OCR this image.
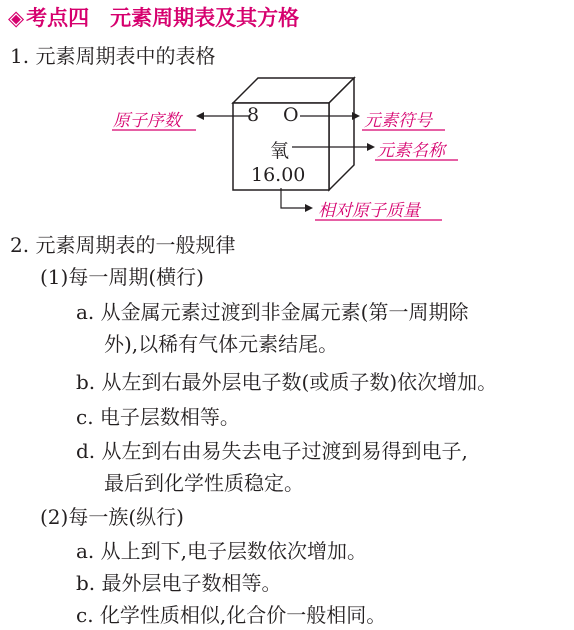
◈考点四　元素周期表及其方格
1. 元素周期表中的表格
8 O
氧
16.00
原子序数	元素符号
元素名称
相对原子质量
2. 元素周期表的一般规律
(1)每一周期(横行)
a. 从金属元素过渡到非金属元素(第一周期除
外),以稀有气体元素结尾。
b. 从左到右最外层电子数(或质子数)依次增加。
c. 电子层数相等。
d. 从左到右由易失去电子过渡到易得到电子,
最后到化学性质稳定。
(2)每一族(纵行)
a. 从上到下,电子层数依次增加。
b. 最外层电子数相等。
c. 化学性质相似,化合价一般相同。
